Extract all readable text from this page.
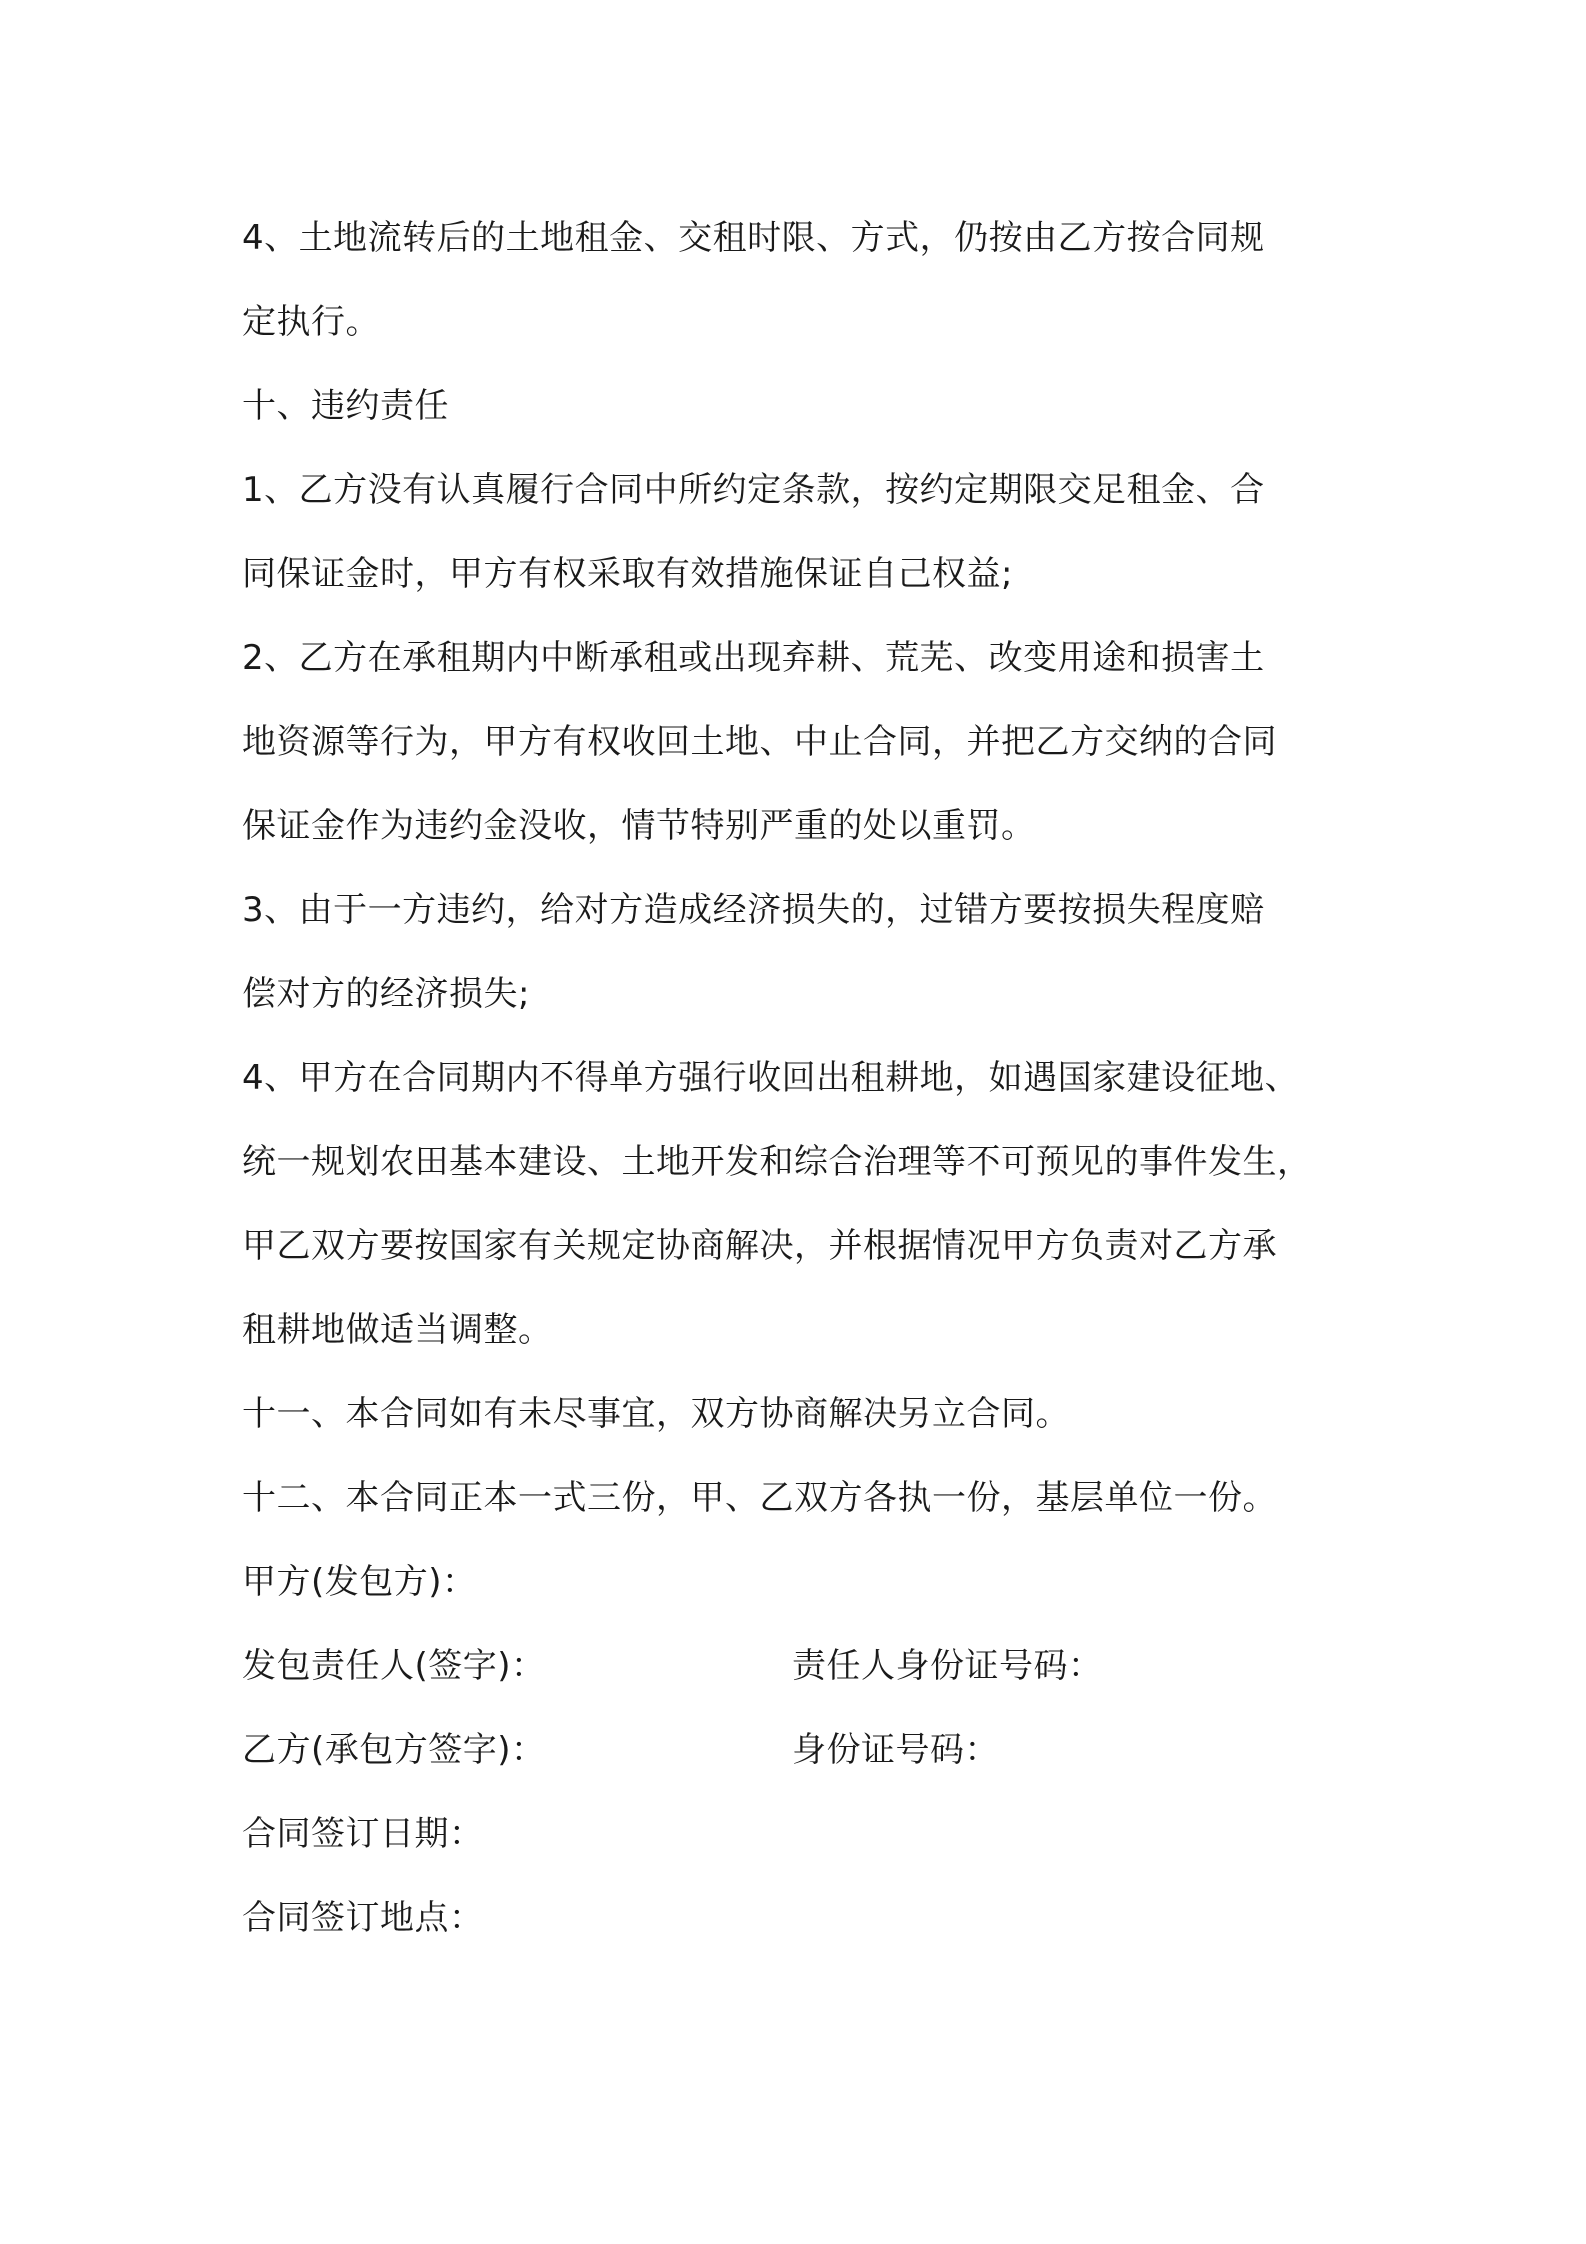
4、土地流转后的土地租金、交租时限、方式，仍按由乙方按合同规

定执行。

十、违约责任

1、乙方没有认真履行合同中所约定条款，按约定期限交足租金、合

同保证金时，甲方有权采取有效措施保证自己权益;

2、乙方在承租期内中断承租或出现弃耕、荒芜、改变用途和损害土

地资源等行为，甲方有权收回土地、中止合同，并把乙方交纳的合同

保证金作为违约金没收，情节特别严重的处以重罚。

3、由于一方违约，给对方造成经济损失的，过错方要按损失程度赔

偿对方的经济损失;

4、甲方在合同期内不得单方强行收回出租耕地，如遇国家建设征地、

统一规划农田基本建设、土地开发和综合治理等不可预见的事件发生，

甲乙双方要按国家有关规定协商解决，并根据情况甲方负责对乙方承

租耕地做适当调整。

十一、本合同如有未尽事宜，双方协商解决另立合同。

十二、本合同正本一式三份，甲、乙双方各执一份，基层单位一份。

甲方(发包方)：

发包责任人(签字)：	责任人身份证号码：
乙方(承包方签字)：	身份证号码：

合同签订日期：

合同签订地点：
